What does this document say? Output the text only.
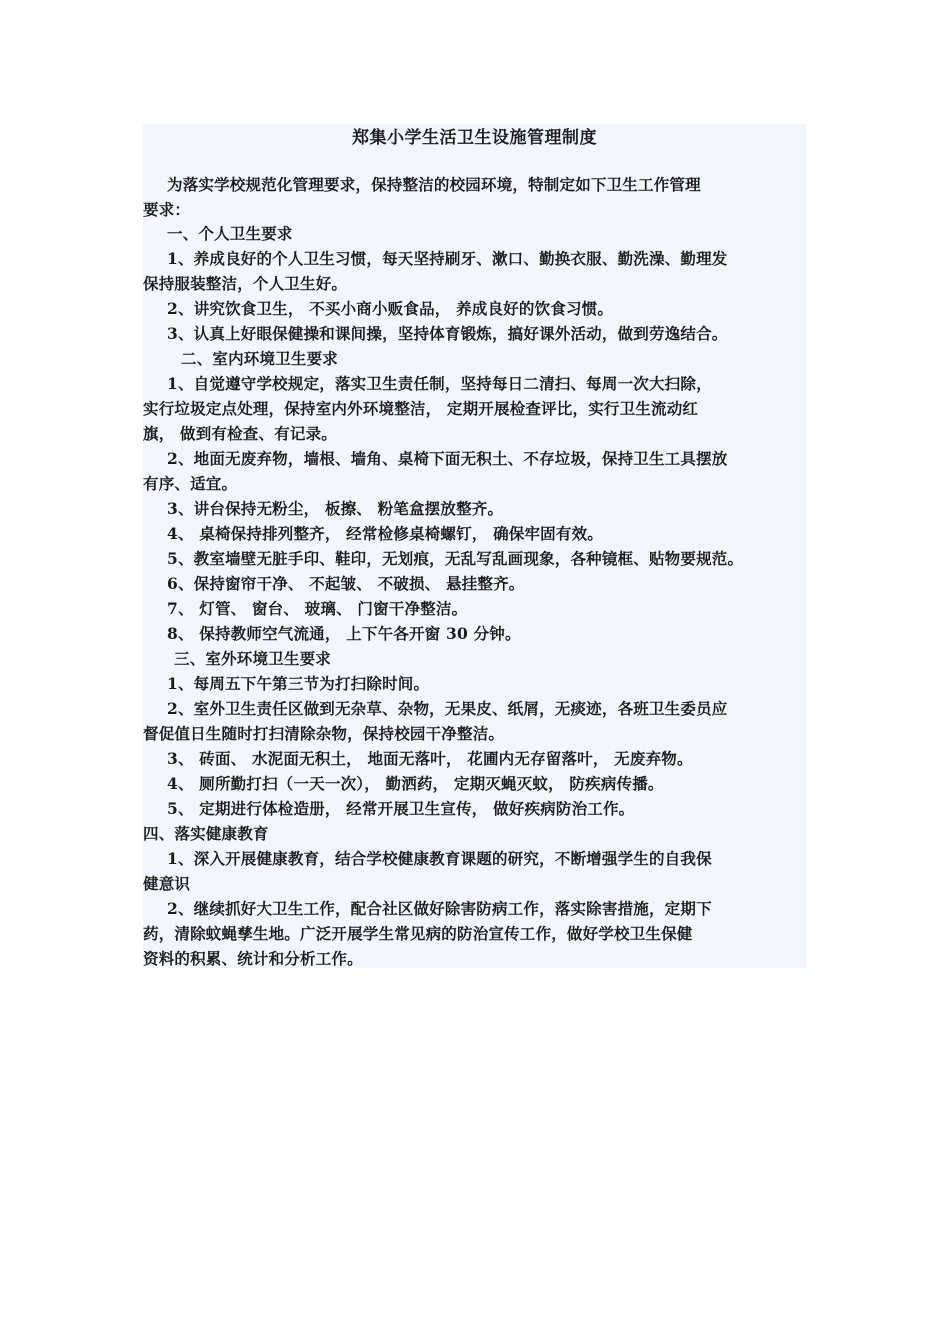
郑集小学生活卫生设施管理制度
为落实学校规范化管理要求，保持整洁的校园环境，特制定如下卫生工作管理
要求：
一、个人卫生要求
1、养成良好的个人卫生习惯，每天坚持刷牙、漱口、勤换衣服、勤洗澡、勤理发
保持服装整洁，个人卫生好。
2、讲究饮食卫生， 不买小商小贩食品， 养成良好的饮食习惯。
3、认真上好眼保健操和课间操，坚持体育锻炼，搞好课外活动，做到劳逸结合。
二、室内环境卫生要求
1、自觉遵守学校规定，落实卫生责任制，坚持每日二清扫、每周一次大扫除，
实行垃圾定点处理，保持室内外环境整洁， 定期开展检查评比，实行卫生流动红
旗， 做到有检查、有记录。
2、地面无废弃物，墙根、墙角、桌椅下面无积土、不存垃圾，保持卫生工具摆放
有序、适宜。
3、讲台保持无粉尘， 板擦、 粉笔盒摆放整齐。
4、 桌椅保持排列整齐， 经常检修桌椅螺钉， 确保牢固有效。
5、教室墙壁无脏手印、鞋印，无划痕，无乱写乱画现象，各种镜框、贴物要规范。
6、保持窗帘干净、 不起皱、 不破损、 悬挂整齐。
7、 灯管、 窗台、 玻璃、 门窗干净整洁。
8、 保持教师空气流通， 上下午各开窗 30 分钟。
三、室外环境卫生要求
1、每周五下午第三节为打扫除时间。
2、室外卫生责任区做到无杂草、杂物，无果皮、纸屑，无痰迹，各班卫生委员应
督促值日生随时打扫清除杂物，保持校园干净整洁。
3、 砖面、 水泥面无积土， 地面无落叶， 花圃内无存留落叶， 无废弃物。
4、 厕所勤打扫（一天一次）， 勤洒药， 定期灭蝇灭蚊， 防疾病传播。
5、 定期进行体检造册， 经常开展卫生宣传， 做好疾病防治工作。
四、落实健康教育
1、深入开展健康教育，结合学校健康教育课题的研究，不断增强学生的自我保
健意识
2、继续抓好大卫生工作，配合社区做好除害防病工作，落实除害措施，定期下
药，清除蚊蝇孳生地。广泛开展学生常见病的防治宣传工作，做好学校卫生保健
资料的积累、统计和分析工作。
